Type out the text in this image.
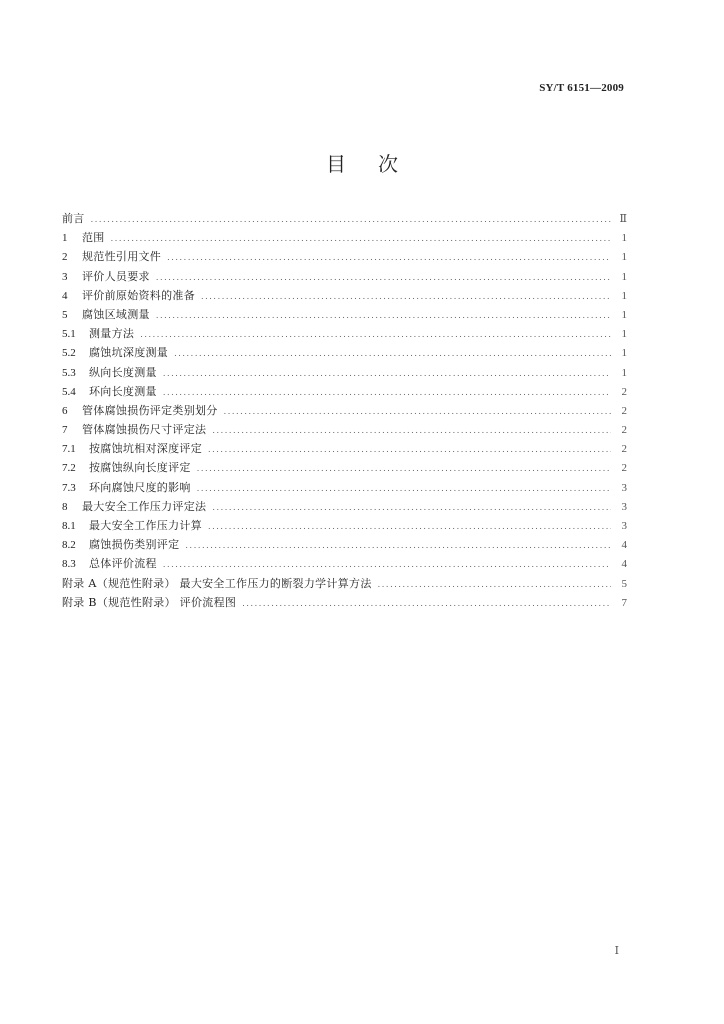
SY/T 6151—2009
目次
前言 .....	Ⅱ
1	范围 .....	1
2	规范性引用文件 .....	1
3	评价人员要求 .....	1
4	评价前原始资料的准备 .....	1
5	腐蚀区域测量 .....	1
5.1	测量方法 .....	1
5.2	腐蚀坑深度测量 .....	1
5.3	纵向长度测量 .....	1
5.4	环向长度测量 .....	2
6	管体腐蚀损伤评定类别划分 .....	2
7	管体腐蚀损伤尺寸评定法 .....	2
7.1	按腐蚀坑相对深度评定 .....	2
7.2	按腐蚀纵向长度评定 .....	2
7.3	环向腐蚀尺度的影响 .....	3
8	最大安全工作压力评定法 .....	3
8.1	最大安全工作压力计算 .....	3
8.2	腐蚀损伤类别评定 .....	4
8.3	总体评价流程 .....	4
附录 A（规范性附录） 最大安全工作压力的断裂力学计算方法 .....	5
附录 B（规范性附录） 评价流程图 .....	7
Ⅰ
